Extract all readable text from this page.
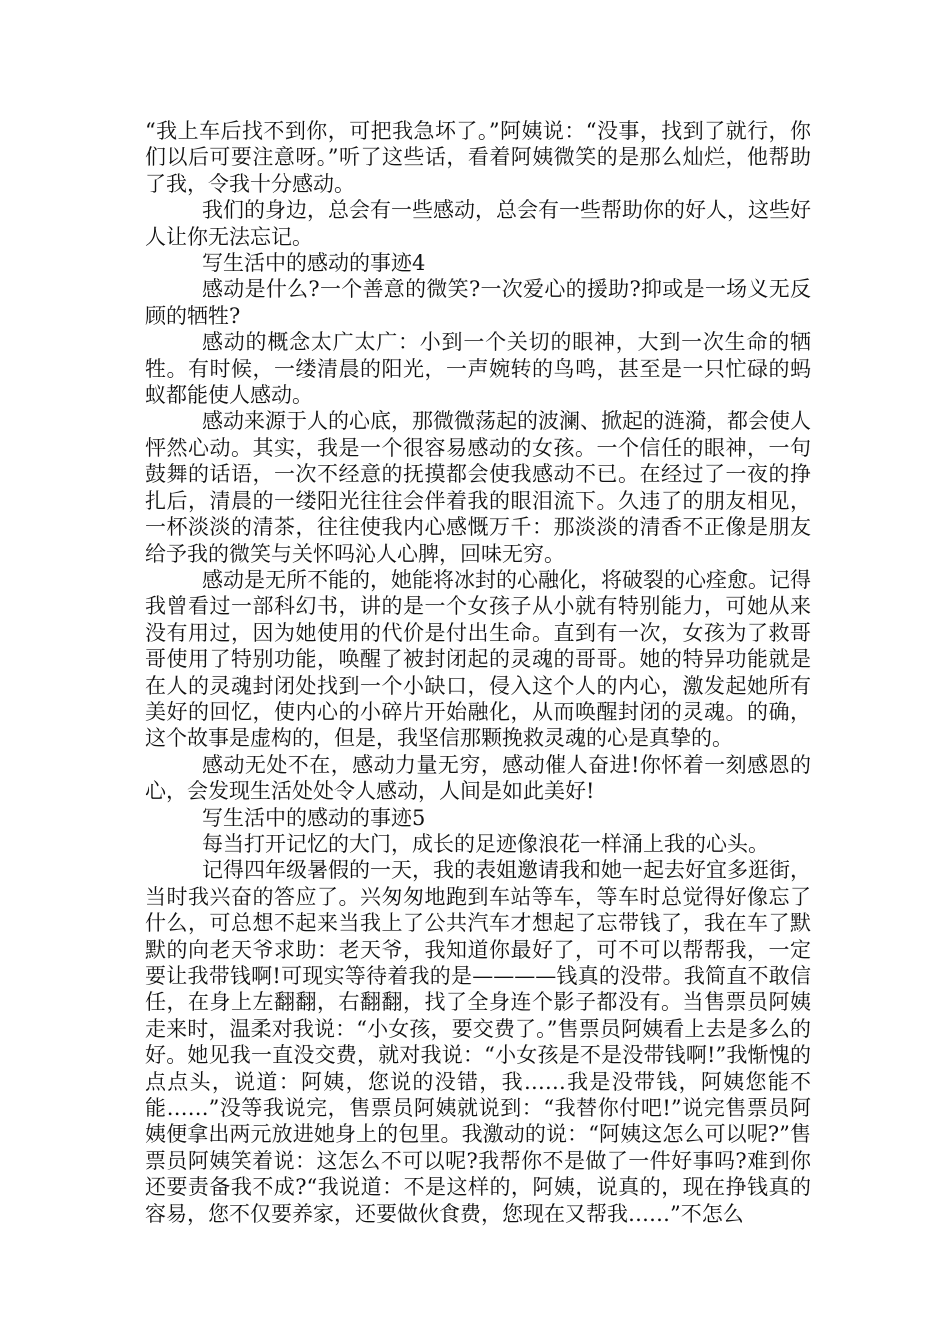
“我上车后找不到你，可把我急坏了。”阿姨说：“没事，找到了就行，你们以后可要注意呀。”听了这些话，看着阿姨微笑的是那么灿烂，他帮助了我，令我十分感动。

我们的身边，总会有一些感动，总会有一些帮助你的好人，这些好人让你无法忘记。

写生活中的感动的事迹4

感动是什么?一个善意的微笑?一次爱心的援助?抑或是一场义无反顾的牺牲?

感动的概念太广太广：小到一个关切的眼神，大到一次生命的牺牲。有时候，一缕清晨的阳光，一声婉转的鸟鸣，甚至是一只忙碌的蚂蚁都能使人感动。

感动来源于人的心底，那微微荡起的波澜、掀起的涟漪，都会使人怦然心动。其实，我是一个很容易感动的女孩。一个信任的眼神，一句鼓舞的话语，一次不经意的抚摸都会使我感动不已。在经过了一夜的挣扎后，清晨的一缕阳光往往会伴着我的眼泪流下。久违了的朋友相见，一杯淡淡的清茶，往往使我内心感慨万千：那淡淡的清香不正像是朋友给予我的微笑与关怀吗沁人心脾，回味无穷。

感动是无所不能的，她能将冰封的心融化，将破裂的心痊愈。记得我曾看过一部科幻书，讲的是一个女孩子从小就有特别能力，可她从来没有用过，因为她使用的代价是付出生命。直到有一次，女孩为了救哥哥使用了特别功能，唤醒了被封闭起的灵魂的哥哥。她的特异功能就是在人的灵魂封闭处找到一个小缺口，侵入这个人的内心，激发起她所有美好的回忆，使内心的小碎片开始融化，从而唤醒封闭的灵魂。的确，这个故事是虚构的，但是，我坚信那颗挽救灵魂的心是真挚的。

感动无处不在，感动力量无穷，感动催人奋进!你怀着一刻感恩的心，会发现生活处处令人感动，人间是如此美好!

写生活中的感动的事迹5

每当打开记忆的大门，成长的足迹像浪花一样涌上我的心头。

记得四年级暑假的一天，我的表姐邀请我和她一起去好宜多逛街，当时我兴奋的答应了。兴匆匆地跑到车站等车，等车时总觉得好像忘了什么，可总想不起来当我上了公共汽车才想起了忘带钱了，我在车了默默的向老天爷求助：老天爷，我知道你最好了，可不可以帮帮我，一定要让我带钱啊!可现实等待着我的是————钱真的没带。我简直不敢信任，在身上左翻翻，右翻翻，找了全身连个影子都没有。当售票员阿姨走来时，温柔对我说：“小女孩，要交费了。”售票员阿姨看上去是多么的好。她见我一直没交费，就对我说：“小女孩是不是没带钱啊!”我惭愧的点点头，说道：阿姨，您说的没错，我……我是没带钱，阿姨您能不能……”没等我说完，售票员阿姨就说到：“我替你付吧!”说完售票员阿姨便拿出两元放进她身上的包里。我激动的说：“阿姨这怎么可以呢?”售票员阿姨笑着说：这怎么不可以呢?我帮你不是做了一件好事吗?难到你还要责备我不成?“我说道：不是这样的，阿姨，说真的，现在挣钱真的容易，您不仅要养家，还要做伙食费，您现在又帮我……”不怎么
